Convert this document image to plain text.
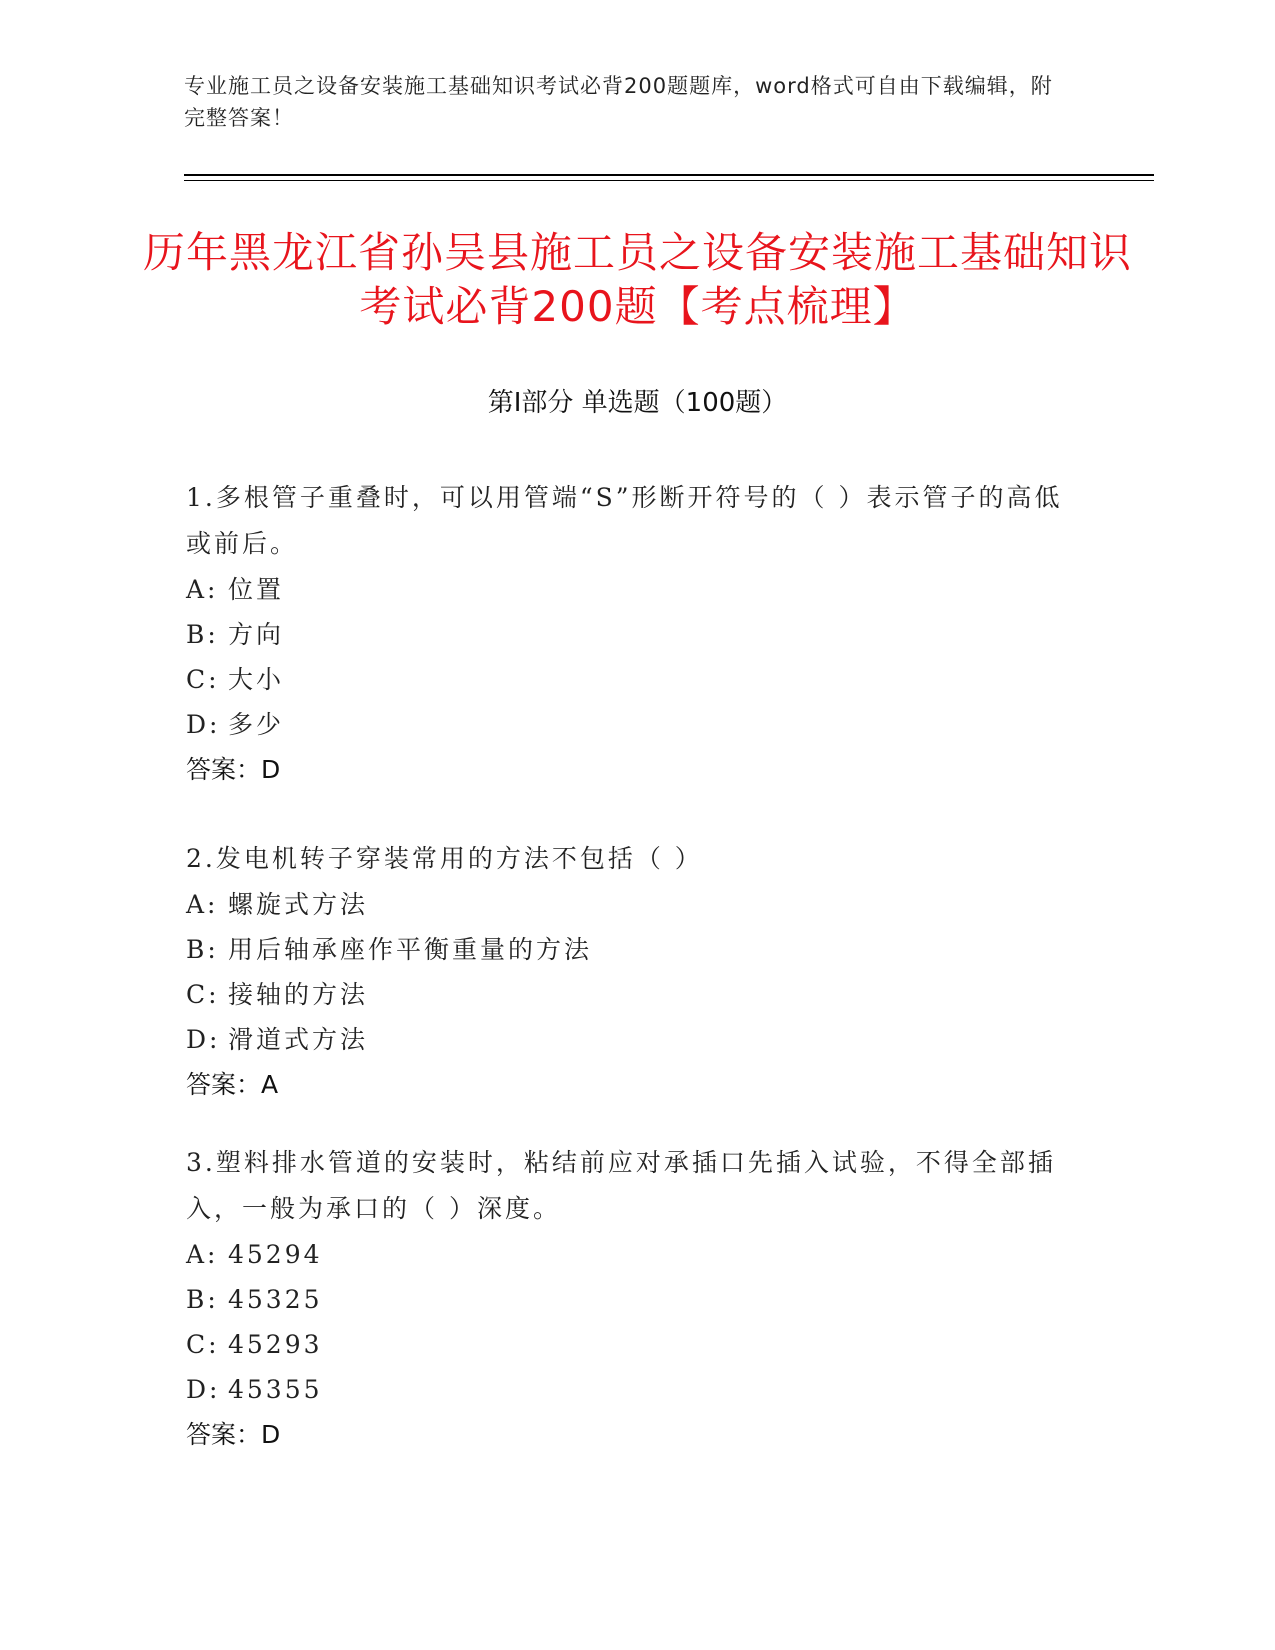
专业施工员之设备安装施工基础知识考试必背200题题库，word格式可自由下载编辑，附完整答案！
历年黑龙江省孙吴县施工员之设备安装施工基础知识考试必背200题【考点梳理】
第I部分 单选题（100题）
1.多根管子重叠时，可以用管端“S”形断开符号的（ ）表示管子的高低或前后。
A: 位置
B: 方向
C: 大小
D: 多少
答案：D
2.发电机转子穿装常用的方法不包括（ ）
A: 螺旋式方法
B: 用后轴承座作平衡重量的方法
C: 接轴的方法
D: 滑道式方法
答案：A
3.塑料排水管道的安装时，粘结前应对承插口先插入试验，不得全部插入，一般为承口的（ ）深度。
A: 45294
B: 45325
C: 45293
D: 45355
答案：D
